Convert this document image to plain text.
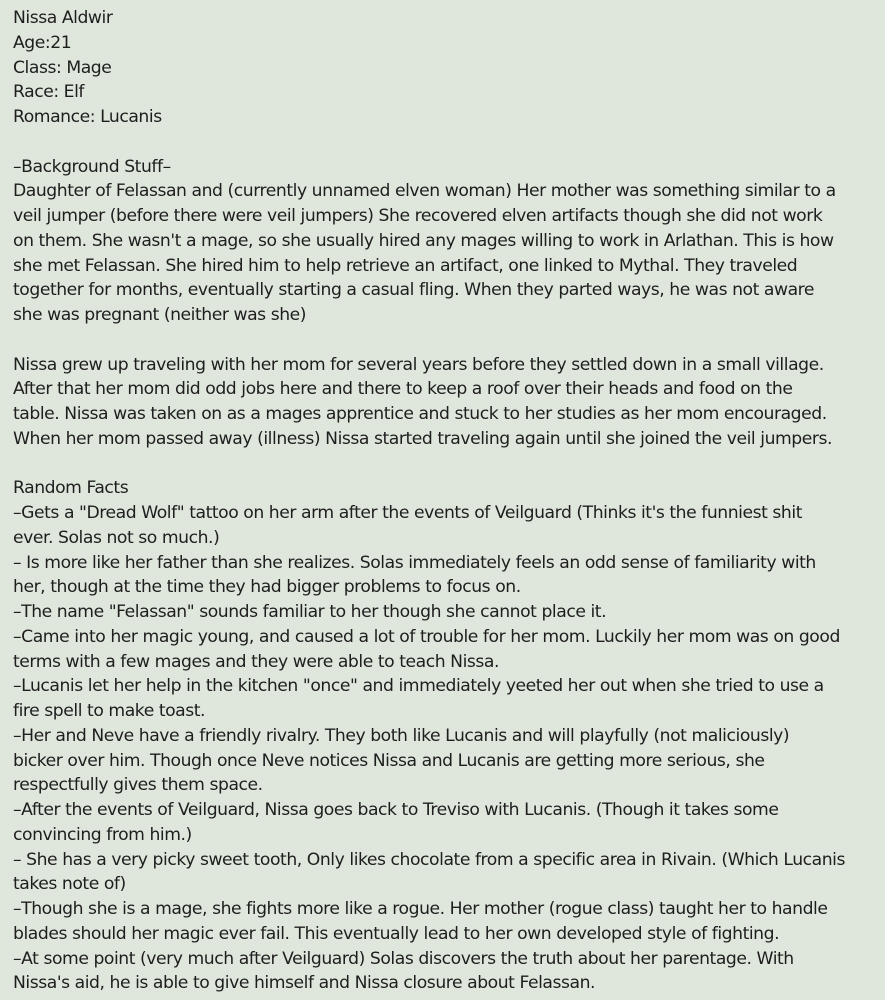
Nissa Aldwir
Age:21
Class: Mage
Race: Elf
Romance: Lucanis
–Background Stuff–
Daughter of Felassan and (currently unnamed elven woman) Her mother was something similar to a
veil jumper (before there were veil jumpers) She recovered elven artifacts though she did not work
on them. She wasn't a mage, so she usually hired any mages willing to work in Arlathan. This is how
she met Felassan. She hired him to help retrieve an artifact, one linked to Mythal. They traveled
together for months, eventually starting a casual fling. When they parted ways, he was not aware
she was pregnant (neither was she)
Nissa grew up traveling with her mom for several years before they settled down in a small village.
After that her mom did odd jobs here and there to keep a roof over their heads and food on the
table. Nissa was taken on as a mages apprentice and stuck to her studies as her mom encouraged.
When her mom passed away (illness) Nissa started traveling again until she joined the veil jumpers.
Random Facts
–Gets a "Dread Wolf" tattoo on her arm after the events of Veilguard (Thinks it's the funniest shit
ever. Solas not so much.)
– Is more like her father than she realizes. Solas immediately feels an odd sense of familiarity with
her, though at the time they had bigger problems to focus on.
–The name "Felassan" sounds familiar to her though she cannot place it.
–Came into her magic young, and caused a lot of trouble for her mom. Luckily her mom was on good
terms with a few mages and they were able to teach Nissa.
–Lucanis let her help in the kitchen "once" and immediately yeeted her out when she tried to use a
fire spell to make toast.
–Her and Neve have a friendly rivalry. They both like Lucanis and will playfully (not maliciously)
bicker over him. Though once Neve notices Nissa and Lucanis are getting more serious, she
respectfully gives them space.
–After the events of Veilguard, Nissa goes back to Treviso with Lucanis. (Though it takes some
convincing from him.)
– She has a very picky sweet tooth, Only likes chocolate from a specific area in Rivain. (Which Lucanis
takes note of)
–Though she is a mage, she fights more like a rogue. Her mother (rogue class) taught her to handle
blades should her magic ever fail. This eventually lead to her own developed style of fighting.
–At some point (very much after Veilguard) Solas discovers the truth about her parentage. With
Nissa's aid, he is able to give himself and Nissa closure about Felassan.
